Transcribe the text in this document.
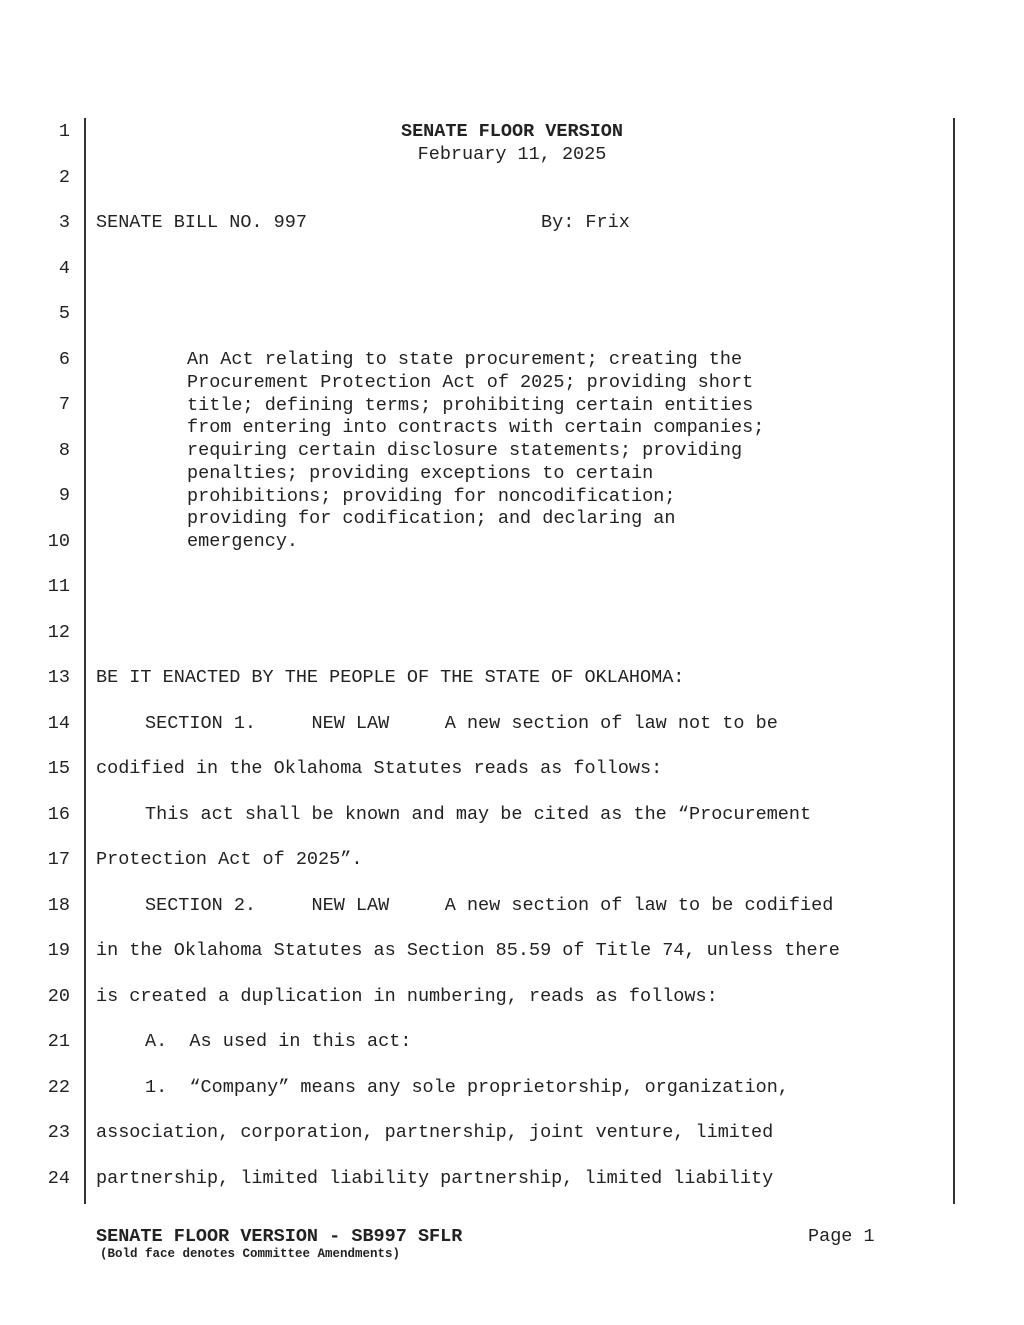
1
2
3
4
5
6
7
8
9
10
11
12
13
14
15
16
17
18
19
20
21
22
23
24
SENATE FLOOR VERSION
February 11, 2025
SENATE BILL NO. 997	By: Frix
An Act relating to state procurement; creating the
Procurement Protection Act of 2025; providing short
title; defining terms; prohibiting certain entities
from entering into contracts with certain companies;
requiring certain disclosure statements; providing
penalties; providing exceptions to certain
prohibitions; providing for noncodification;
providing for codification; and declaring an
emergency.
BE IT ENACTED BY THE PEOPLE OF THE STATE OF OKLAHOMA:
SECTION 1.     NEW LAW     A new section of law not to be
codified in the Oklahoma Statutes reads as follows:
This act shall be known and may be cited as the “Procurement
Protection Act of 2025”.
SECTION 2.     NEW LAW     A new section of law to be codified
in the Oklahoma Statutes as Section 85.59 of Title 74, unless there
is created a duplication in numbering, reads as follows:
A.  As used in this act:
1.  “Company” means any sole proprietorship, organization,
association, corporation, partnership, joint venture, limited
partnership, limited liability partnership, limited liability
SENATE FLOOR VERSION - SB997 SFLR
(Bold face denotes Committee Amendments)
Page 1
